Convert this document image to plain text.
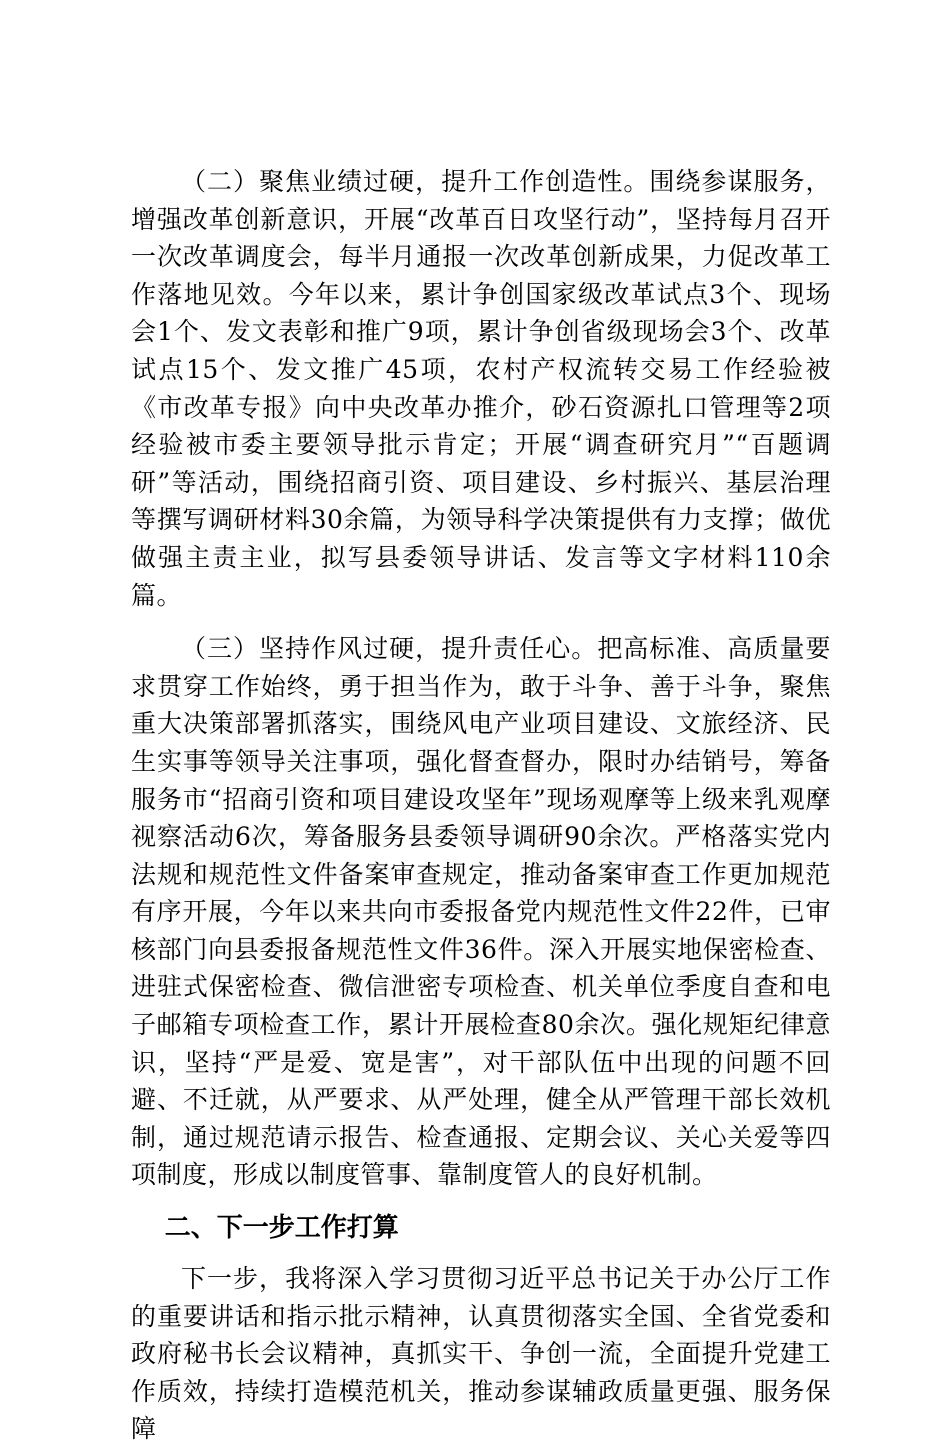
（二）聚焦业绩过硬，提升工作创造性。围绕参谋服务，增强改革创新意识，开展“改革百日攻坚行动”，坚持每月召开一次改革调度会，每半月通报一次改革创新成果，力促改革工作落地见效。今年以来，累计争创国家级改革试点3个、现场会1个、发文表彰和推广9项，累计争创省级现场会3个、改革试点15个、发文推广45项，农村产权流转交易工作经验被《市改革专报》向中央改革办推介，砂石资源扎口管理等2项经验被市委主要领导批示肯定；开展“调查研究月”“百题调研”等活动，围绕招商引资、项目建设、乡村振兴、基层治理等撰写调研材料30余篇，为领导科学决策提供有力支撑；做优做强主责主业，拟写县委领导讲话、发言等文字材料110余篇。

（三）坚持作风过硬，提升责任心。把高标准、高质量要求贯穿工作始终，勇于担当作为，敢于斗争、善于斗争，聚焦重大决策部署抓落实，围绕风电产业项目建设、文旅经济、民生实事等领导关注事项，强化督查督办，限时办结销号，筹备服务市“招商引资和项目建设攻坚年”现场观摩等上级来乳观摩视察活动6次，筹备服务县委领导调研90余次。严格落实党内法规和规范性文件备案审查规定，推动备案审查工作更加规范有序开展，今年以来共向市委报备党内规范性文件22件，已审核部门向县委报备规范性文件36件。深入开展实地保密检查、进驻式保密检查、微信泄密专项检查、机关单位季度自查和电子邮箱专项检查工作，累计开展检查80余次。强化规矩纪律意识，坚持“严是爱、宽是害”，对干部队伍中出现的问题不回避、不迁就，从严要求、从严处理，健全从严管理干部长效机制，通过规范请示报告、检查通报、定期会议、关心关爱等四项制度，形成以制度管事、靠制度管人的良好机制。

二、下一步工作打算

下一步，我将深入学习贯彻习近平总书记关于办公厅工作的重要讲话和指示批示精神，认真贯彻落实全国、全省党委和政府秘书长会议精神，真抓实干、争创一流，全面提升党建工作质效，持续打造模范机关，推动参谋辅政质量更强、服务保障
